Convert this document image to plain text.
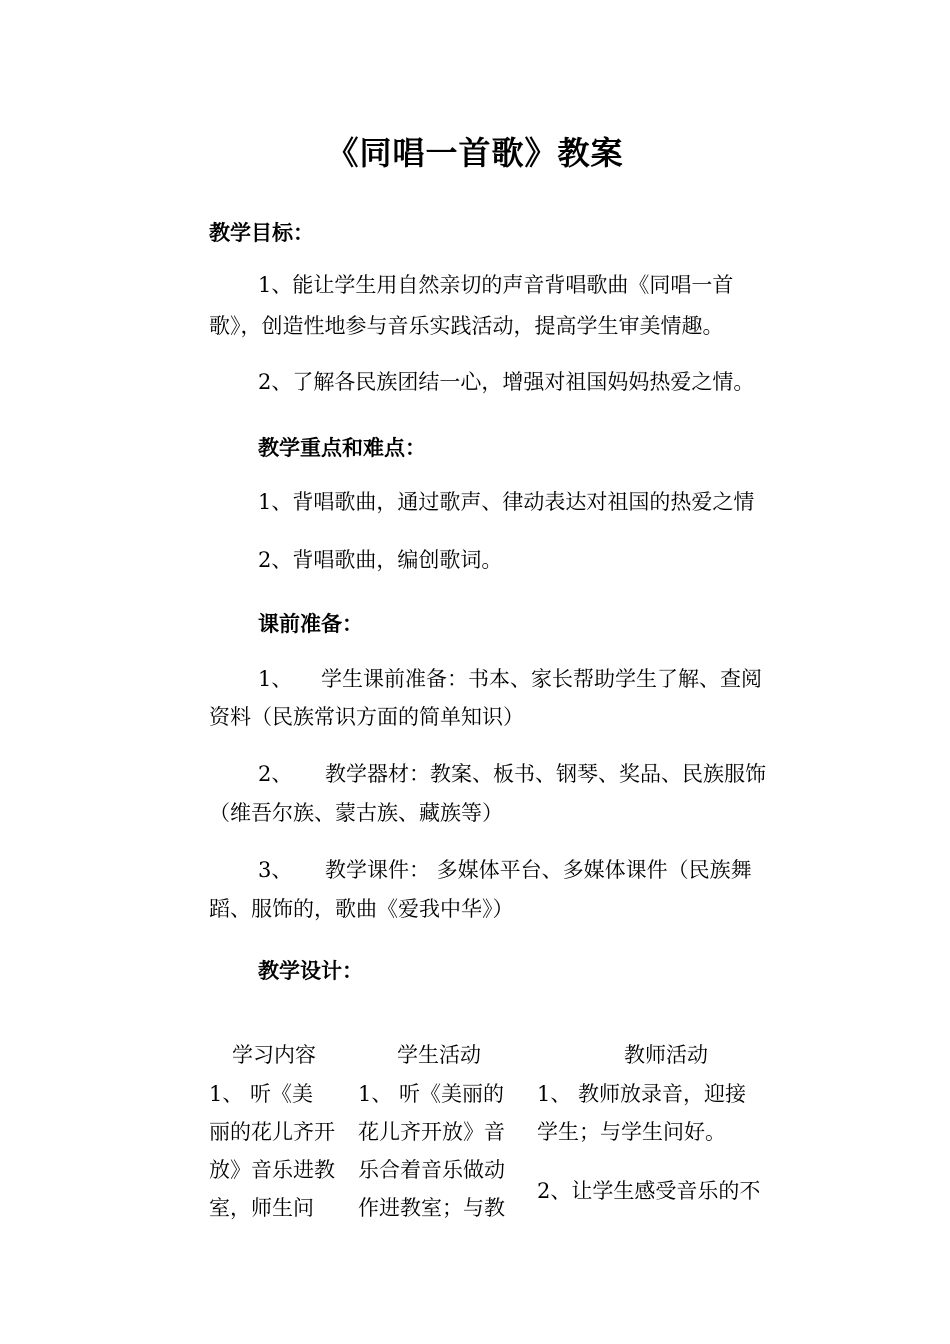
《同唱一首歌》教案
教学目标：
1、能让学生用自然亲切的声音背唱歌曲《同唱一首
歌》，创造性地参与音乐实践活动，提高学生审美情趣。
2、了解各民族团结一心，增强对祖国妈妈热爱之情。
教学重点和难点：
1、背唱歌曲，通过歌声、律动表达对祖国的热爱之情
2、背唱歌曲，编创歌词。
课前准备：
1、 学生课前准备：书本、家长帮助学生了解、查阅
资料（民族常识方面的简单知识）
2、 教学器材：教案、板书、钢琴、奖品、民族服饰
（维吾尔族、蒙古族、藏族等）
3、 教学课件： 多媒体平台、多媒体课件（民族舞
蹈、服饰的，歌曲《爱我中华》）
教学设计：
学习内容	学生活动	教师活动
1、 听《美
丽的花儿齐开
放》音乐进教
室，师生问
1、 听《美丽的
花儿齐开放》音
乐合着音乐做动
作进教室；与教
1、 教师放录音，迎接
学生；与学生问好。
2、让学生感受音乐的不
